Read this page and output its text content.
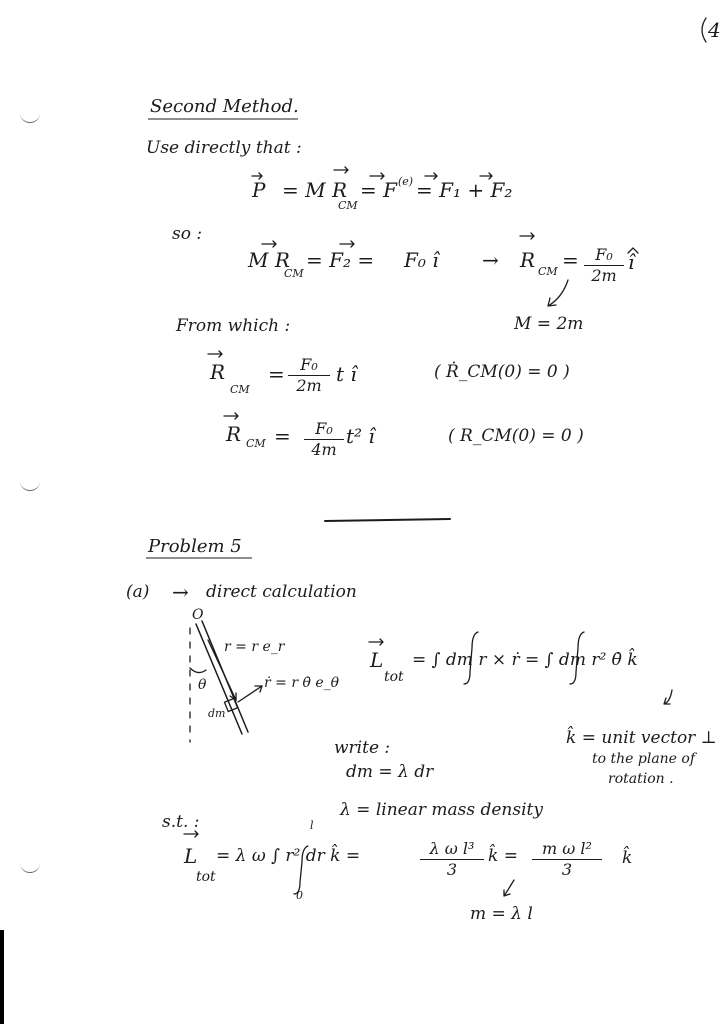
4
Second Method.
Use directly that :
P = M R
CM
= F (e) = F₁ + F₂
so :
M R
CM
= F₂ = F₀ î → R CM =	F₀
2m
î
From which :	M = 2m
R
CM
= F₀
2m t î	( Ṙ_CM(0) = 0 )
R CM =	F₀
4m
t² î	( R_CM(0) = 0 )
Problem 5
(a) → direct calculation
O
r = r e_r
ṙ = r θ̇ e_θ
θ
dm
L
tot
= ∫ dm r × ṙ = ∫ dm r² θ̇ k̂
k̂ = unit vector ⊥
to the plane of
rotation .
write :
dm = λ dr
λ = linear mass density
s.t. :
L
tot
= λ ω ∫ r² dr k̂ =
l
0
λ ω l³
3
k̂ =	m ω l²
3
k̂
m = λ l
